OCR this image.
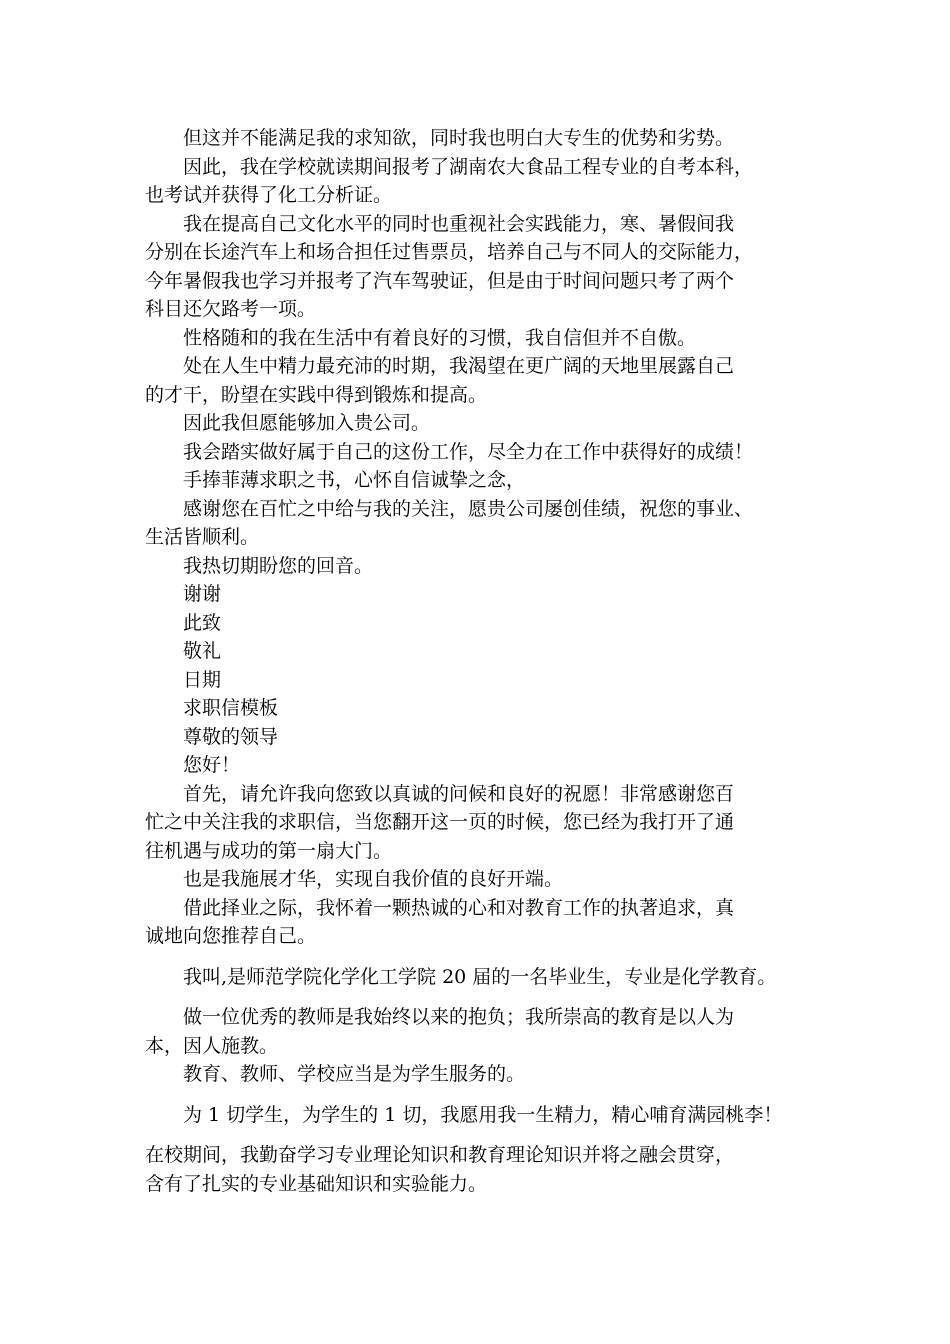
但这并不能满足我的求知欲，同时我也明白大专生的优势和劣势。

因此，我在学校就读期间报考了湖南农大食品工程专业的自考本科，
也考试并获得了化工分析证。

我在提高自己文化水平的同时也重视社会实践能力，寒、暑假间我
分别在长途汽车上和场合担任过售票员，培养自己与不同人的交际能力，
今年暑假我也学习并报考了汽车驾驶证，但是由于时间问题只考了两个
科目还欠路考一项。

性格随和的我在生活中有着良好的习惯，我自信但并不自傲。

处在人生中精力最充沛的时期，我渴望在更广阔的天地里展露自己
的才干，盼望在实践中得到锻炼和提高。

因此我但愿能够加入贵公司。

我会踏实做好属于自己的这份工作，尽全力在工作中获得好的成绩！

手捧菲薄求职之书，心怀自信诚挚之念，

感谢您在百忙之中给与我的关注，愿贵公司屡创佳绩，祝您的事业、
生活皆顺利。

我热切期盼您的回音。

谢谢

此致

敬礼

日期

求职信模板

尊敬的领导

您好！

首先，请允许我向您致以真诚的问候和良好的祝愿！非常感谢您百
忙之中关注我的求职信，当您翻开这一页的时候，您已经为我打开了通
往机遇与成功的第一扇大门。

也是我施展才华，实现自我价值的良好开端。

借此择业之际，我怀着一颗热诚的心和对教育工作的执著追求，真
诚地向您推荐自己。

我叫,是师范学院化学化工学院 20 届的一名毕业生，专业是化学教育。

做一位优秀的教师是我始终以来的抱负；我所崇高的教育是以人为
本，因人施教。

教育、教师、学校应当是为学生服务的。

为 1 切学生，为学生的 1 切，我愿用我一生精力，精心哺育满园桃李！

在校期间，我勤奋学习专业理论知识和教育理论知识并将之融会贯穿，
含有了扎实的专业基础知识和实验能力。
